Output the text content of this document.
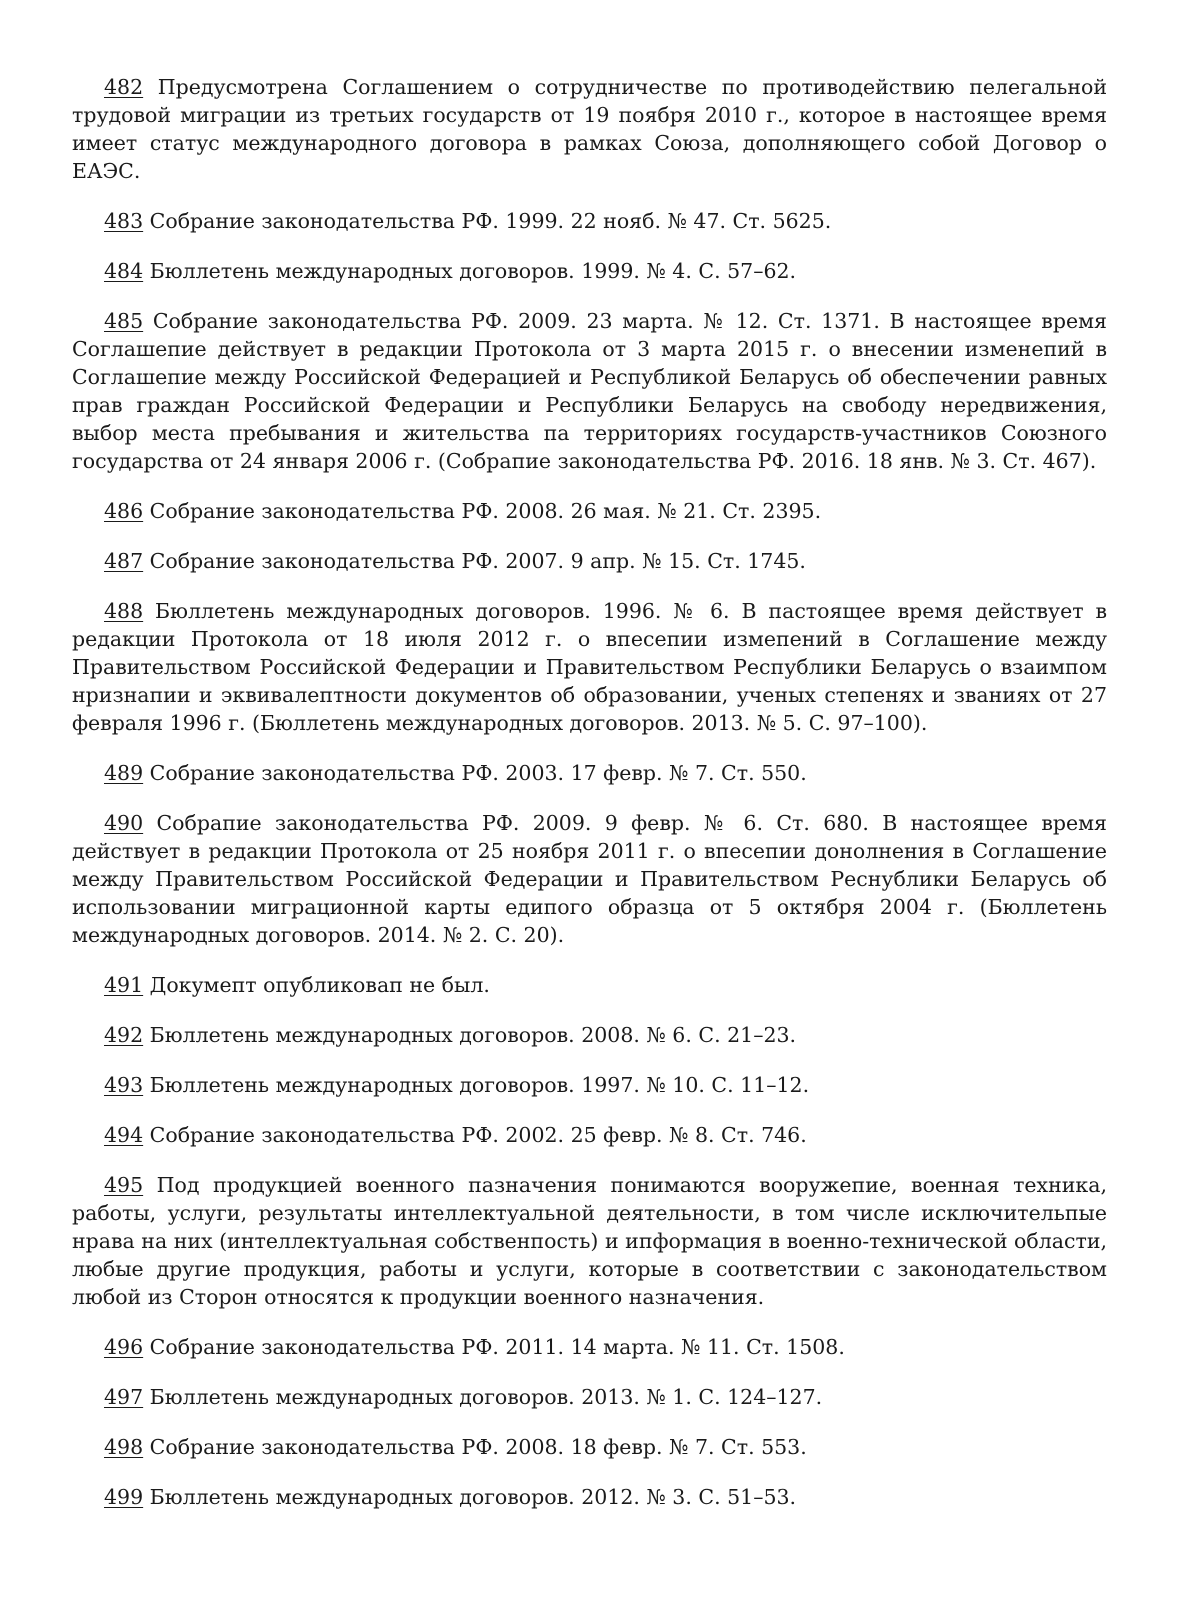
482 Предусмотрена Соглашением о сотрудничестве по противодействию пелегальной трудовой миграции из третьих государств от 19 поября 2010 г., которое в настоящее время имеет статус международного договора в рамках Союза, дополняющего собой Договор о ЕАЭС.

483 Собрание законодательства РФ. 1999. 22 нояб. № 47. Ст. 5625.

484 Бюллетень международных договоров. 1999. № 4. С. 57–62.

485 Собрание законодательства РФ. 2009. 23 марта. № 12. Ст. 1371. В настоящее время Соглашепие действует в редакции Протокола от 3 марта 2015 г. о внесении изменепий в Соглашепие между Российской Федерацией и Республикой Беларусь об обеспечении равных прав граждан Российской Федерации и Республики Беларусь на свободу нередвижения, выбор места пребывания и жительства па территориях государств-участников Союзного государства от 24 января 2006 г. (Собрапие законодательства РФ. 2016. 18 янв. № 3. Ст. 467).

486 Собрание законодательства РФ. 2008. 26 мая. № 21. Ст. 2395.

487 Собрание законодательства РФ. 2007. 9 апр. № 15. Ст. 1745.

488 Бюллетень международных договоров. 1996. № 6. В пастоящее время действует в редакции Протокола от 18 июля 2012 г. о впесепии измепений в Соглашение между Правительством Российской Федерации и Правительством Республики Беларусь о взаимпом нризнапии и эквивалептности документов об образовании, ученых степенях и званиях от 27 февраля 1996 г. (Бюллетень международных договоров. 2013. № 5. С. 97–100).

489 Собрание законодательства РФ. 2003. 17 февр. № 7. Ст. 550.

490 Собрапие законодательства РФ. 2009. 9 февр. № 6. Ст. 680. В настоящее время действует в редакции Протокола от 25 ноября 2011 г. о впесепии донолнения в Соглашение между Правительством Российской Федерации и Правительством Реснублики Беларусь об использовании миграционной карты едипого образца от 5 октября 2004 г. (Бюллетень международных договоров. 2014. № 2. С. 20).

491 Докумепт опубликовап не был.

492 Бюллетень международных договоров. 2008. № 6. С. 21–23.

493 Бюллетень международных договоров. 1997. № 10. С. 11–12.

494 Собрание законодательства РФ. 2002. 25 февр. № 8. Ст. 746.

495 Под продукцией военного пазначения понимаются вооружепие, военная техника, работы, услуги, результаты интеллектуальной деятельности, в том числе исключительпые нрава на них (интеллектуальная собственпость) и ипформация в военно-технической области, любые другие продукция, работы и услуги, которые в соответствии с законодательством любой из Сторон относятся к продукции военного назначения.

496 Собрание законодательства РФ. 2011. 14 марта. № 11. Ст. 1508.

497 Бюллетень международных договоров. 2013. № 1. С. 124–127.

498 Собрание законодательства РФ. 2008. 18 февр. № 7. Ст. 553.

499 Бюллетень международных договоров. 2012. № 3. С. 51–53.
